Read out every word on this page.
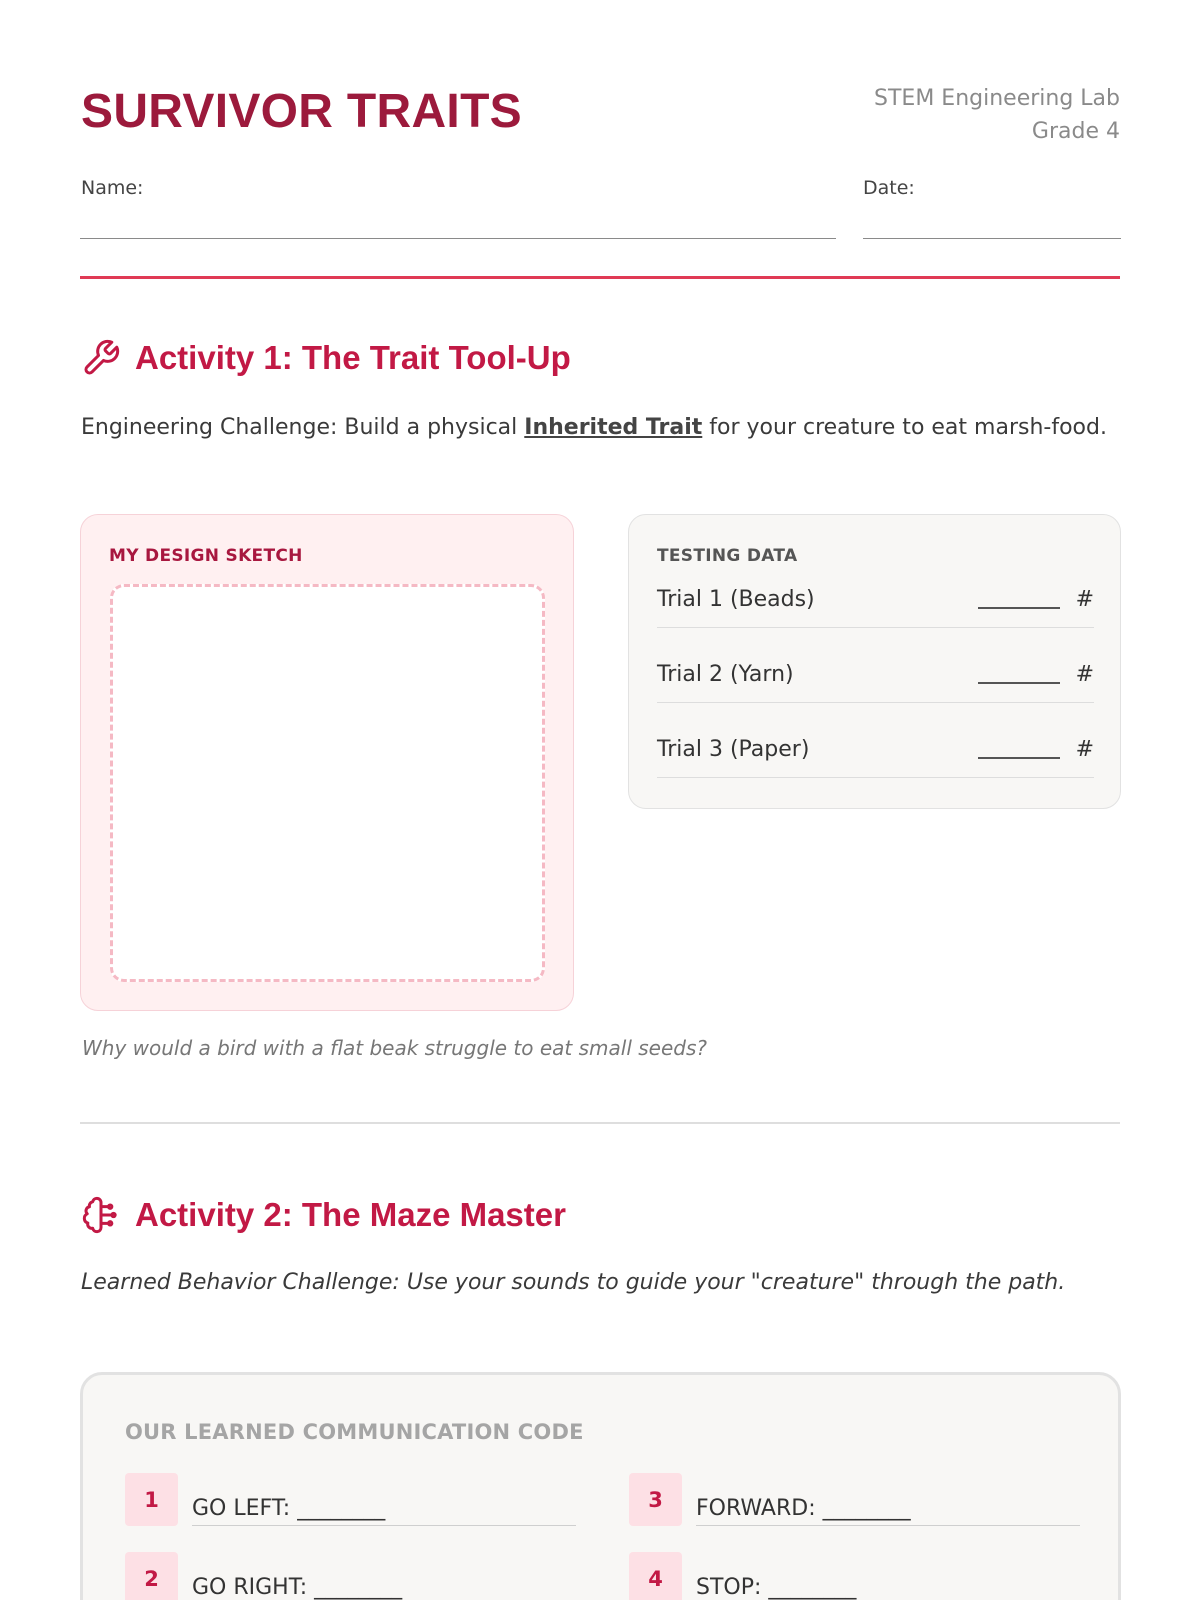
SURVIVOR TRAITS	STEM Engineering Lab
Grade 4
Name:	Date:
Activity 1: The Trait Tool-Up
Engineering Challenge: Build a physical Inherited Trait for your creature to eat marsh-food.
MY DESIGN SKETCH	TESTING DATA
Trial 1 (Beads)	#
Trial 2 (Yarn)	#
Trial 3 (Paper)	#
Why would a bird with a flat beak struggle to eat small seeds?
Activity 2: The Maze Master
Learned Behavior Challenge: Use your sounds to guide your "creature" through the path.
OUR LEARNED COMMUNICATION CODE
1	GO LEFT: ________
2	GO RIGHT: ________
3	FORWARD: ________
4	STOP: ________
